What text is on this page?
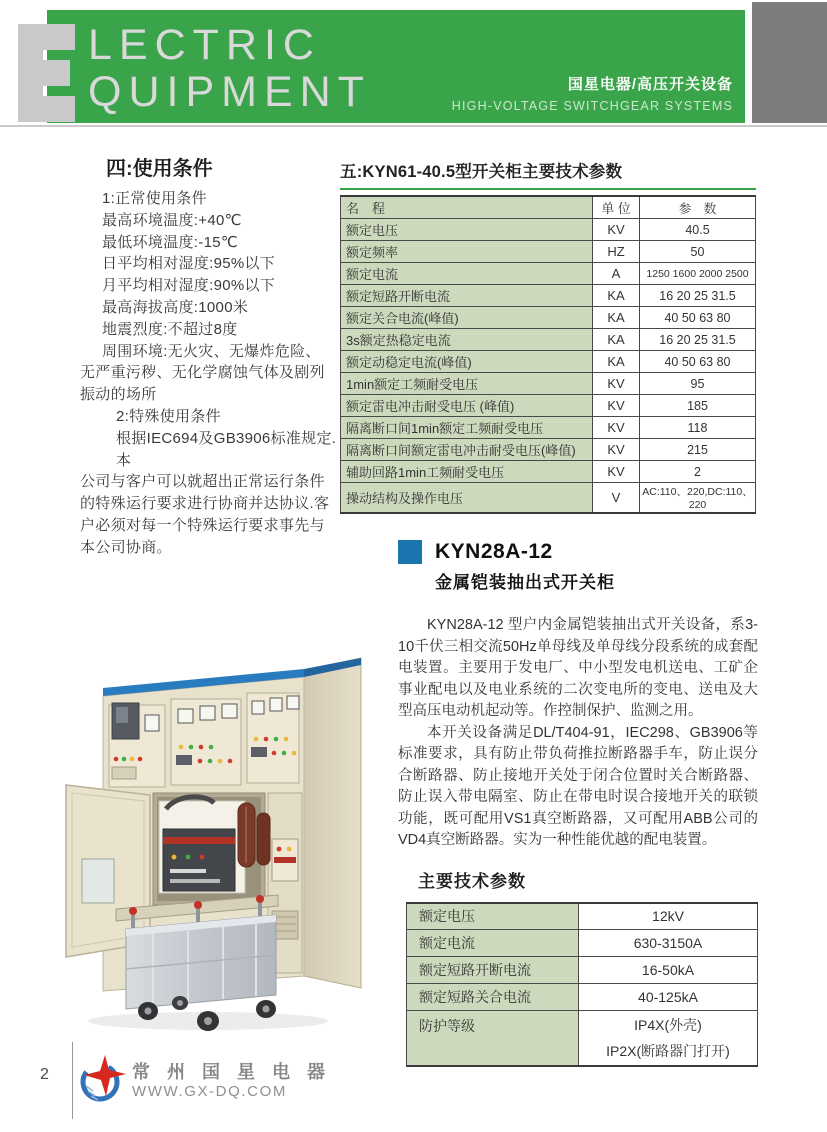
LECTRIC
QUIPMENT	国星电器/高压开关设备
HIGH-VOLTAGE SWITCHGEAR SYSTEMS
四:使用条件
1:正常使用条件
最高环境温度:+40℃
最低环境温度:-15℃
日平均相对湿度:95%以下
月平均相对湿度:90%以下
最高海拔高度:1000米
地震烈度:不超过8度
周围环境:无火灾、无爆炸危险、
无严重污秽、无化学腐蚀气体及剧列
振动的场所
2:特殊使用条件
根据IEC694及GB3906标准规定.本
公司与客户可以就超出正常运行条件
的特殊运行要求进行协商并达协议.客
户必须对每一个特殊运行要求事先与
本公司协商。
五:KYN61-40.5型开关柜主要技术参数
名　程	单 位	参　数
额定电压	KV	40.5
额定频率	HZ	50
额定电流	A	1250 1600 2000 2500
额定短路开断电流	KA	16 20 25 31.5
额定关合电流(峰值)	KA	40 50 63 80
3s额定热稳定电流	KA	16 20 25 31.5
额定动稳定电流(峰值)	KA	40 50 63 80
1min额定工频耐受电压	KV	95
额定雷电冲击耐受电压 (峰值)	KV	185
隔离断口间1min额定工频耐受电压	KV	118
隔离断口间额定雷电冲击耐受电压(峰值)	KV	215
辅助回路1min工频耐受电压	KV	2
操动结构及操作电压	V	AC:110、220,DC:110、220
KYN28A-12
金属铠装抽出式开关柜

KYN28A-12 型户内金属铠装抽出式开关设备，系3-10千伏三相交流50Hz单母线及单母线分段系统的成套配电装置。主要用于发电厂、中小型发电机送电、工矿企事业配电以及电业系统的二次变电所的变电、送电及大型高压电动机起动等。作控制保护、监测之用。

本开关设备满足DL/T404-91，IEC298、GB3906等标准要求，具有防止带负荷推拉断路器手车，防止误分合断路器、防止接地开关处于闭合位置时关合断路器、防止误入带电隔室、防止在带电时误合接地开关的联锁功能，既可配用VS1真空断路器，又可配用ABB公司的VD4真空断路器。实为一种性能优越的配电装置。

主要技术参数
额定电压	12kV
额定电流	630-3150A
额定短路开断电流	16-50kA
额定短路关合电流	40-125kA
防护等级	IP4X(外壳)
IP2X(断路器门打开)
2	常 州 国 星 电 器
WWW.GX-DQ.COM
